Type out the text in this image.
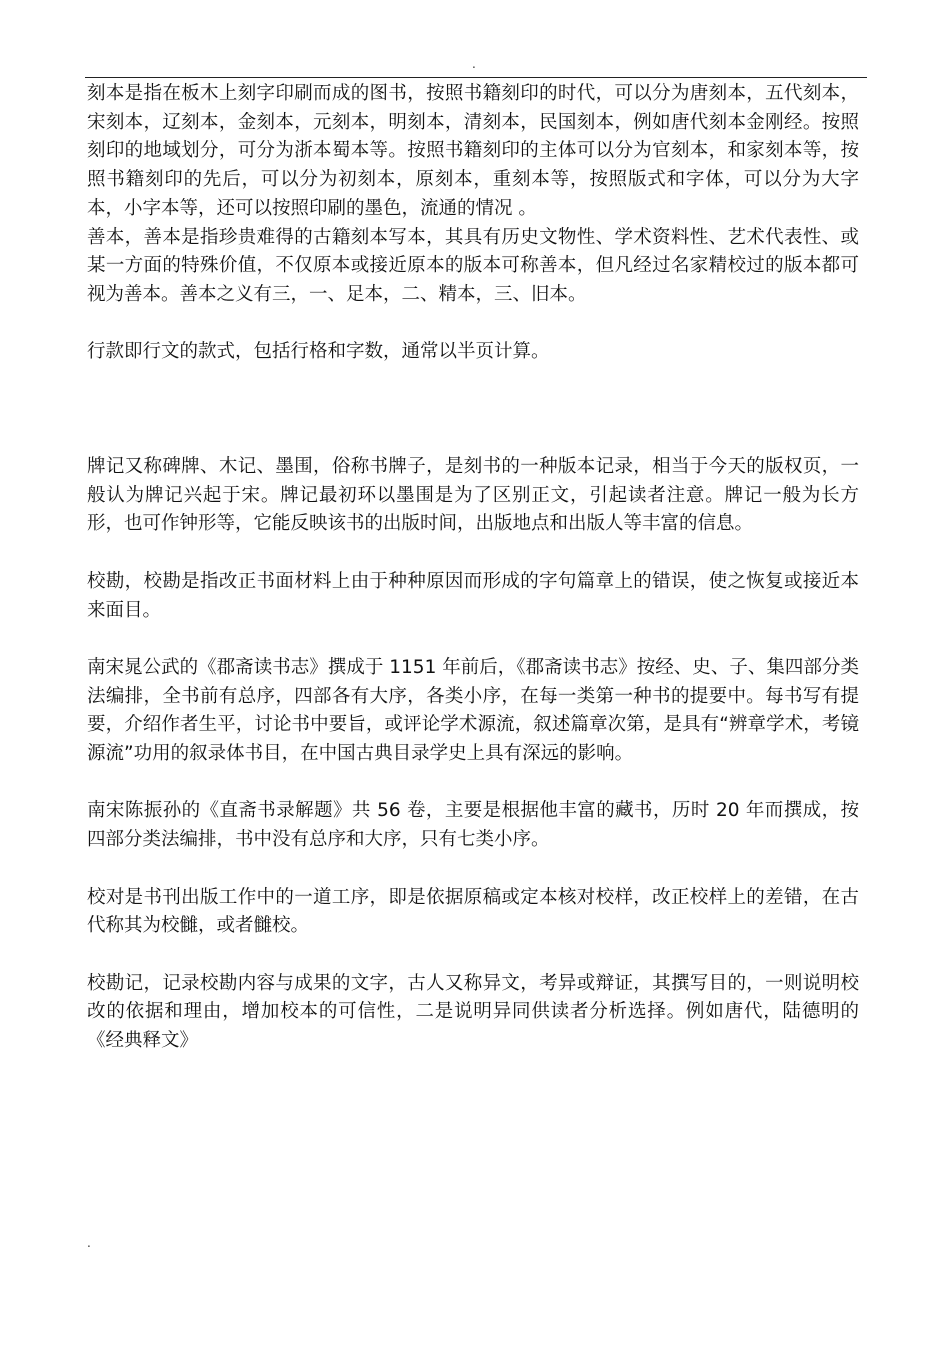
.

刻本是指在板木上刻字印刷而成的图书，按照书籍刻印的时代，可以分为唐刻本，五代刻本，宋刻本，辽刻本，金刻本，元刻本，明刻本，清刻本，民国刻本，例如唐代刻本金刚经。按照刻印的地域划分，可分为浙本蜀本等。按照书籍刻印的主体可以分为官刻本，和家刻本等，按照书籍刻印的先后，可以分为初刻本，原刻本，重刻本等，按照版式和字体，可以分为大字本，小字本等，还可以按照印刷的墨色，流通的情况 。

善本，善本是指珍贵难得的古籍刻本写本，其具有历史文物性、学术资料性、艺术代表性、或某一方面的特殊价值，不仅原本或接近原本的版本可称善本，但凡经过名家精校过的版本都可视为善本。善本之义有三，一、足本，二、精本，三、旧本。

行款即行文的款式，包括行格和字数，通常以半页计算。

牌记又称碑牌、木记、墨围，俗称书牌子，是刻书的一种版本记录，相当于今天的版权页，一般认为牌记兴起于宋。牌记最初环以墨围是为了区别正文，引起读者注意。牌记一般为长方形，也可作钟形等，它能反映该书的出版时间，出版地点和出版人等丰富的信息。

校勘，校勘是指改正书面材料上由于种种原因而形成的字句篇章上的错误，使之恢复或接近本来面目。

南宋晁公武的《郡斋读书志》撰成于 1151 年前后，《郡斋读书志》按经、史、子、集四部分类法编排，全书前有总序，四部各有大序，各类小序，在每一类第一种书的提要中。每书写有提要，介绍作者生平，讨论书中要旨，或评论学术源流，叙述篇章次第，是具有“辨章学术，考镜源流”功用的叙录体书目，在中国古典目录学史上具有深远的影响。

南宋陈振孙的《直斋书录解题》共 56 卷，主要是根据他丰富的藏书，历时 20 年而撰成，按四部分类法编排，书中没有总序和大序，只有七类小序。

校对是书刊出版工作中的一道工序，即是依据原稿或定本核对校样，改正校样上的差错，在古代称其为校雠，或者雠校。

校勘记，记录校勘内容与成果的文字，古人又称异文，考异或辩证，其撰写目的，一则说明校改的依据和理由，增加校本的可信性，二是说明异同供读者分析选择。例如唐代，陆德明的《经典释文》

.
